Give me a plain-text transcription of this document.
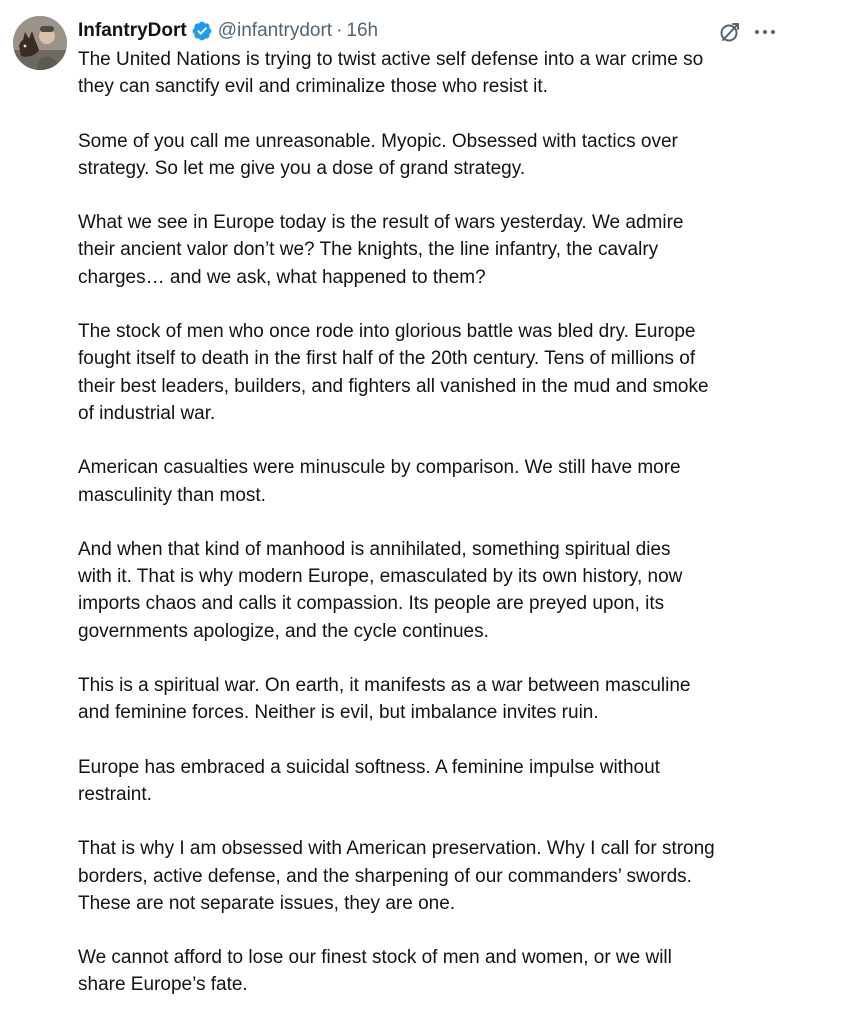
InfantryDort @infantrydort · 16h

The United Nations is trying to twist active self defense into a war crime so
they can sanctify evil and criminalize those who resist it.

Some of you call me unreasonable. Myopic. Obsessed with tactics over
strategy. So let me give you a dose of grand strategy.

What we see in Europe today is the result of wars yesterday. We admire
their ancient valor don’t we? The knights, the line infantry, the cavalry
charges… and we ask, what happened to them?

The stock of men who once rode into glorious battle was bled dry. Europe
fought itself to death in the first half of the 20th century. Tens of millions of
their best leaders, builders, and fighters all vanished in the mud and smoke
of industrial war.

American casualties were minuscule by comparison. We still have more
masculinity than most.

And when that kind of manhood is annihilated, something spiritual dies
with it. That is why modern Europe, emasculated by its own history, now
imports chaos and calls it compassion. Its people are preyed upon, its
governments apologize, and the cycle continues.

This is a spiritual war. On earth, it manifests as a war between masculine
and feminine forces. Neither is evil, but imbalance invites ruin.

Europe has embraced a suicidal softness. A feminine impulse without
restraint.

That is why I am obsessed with American preservation. Why I call for strong
borders, active defense, and the sharpening of our commanders’ swords.
These are not separate issues, they are one.

We cannot afford to lose our finest stock of men and women, or we will
share Europe’s fate.
